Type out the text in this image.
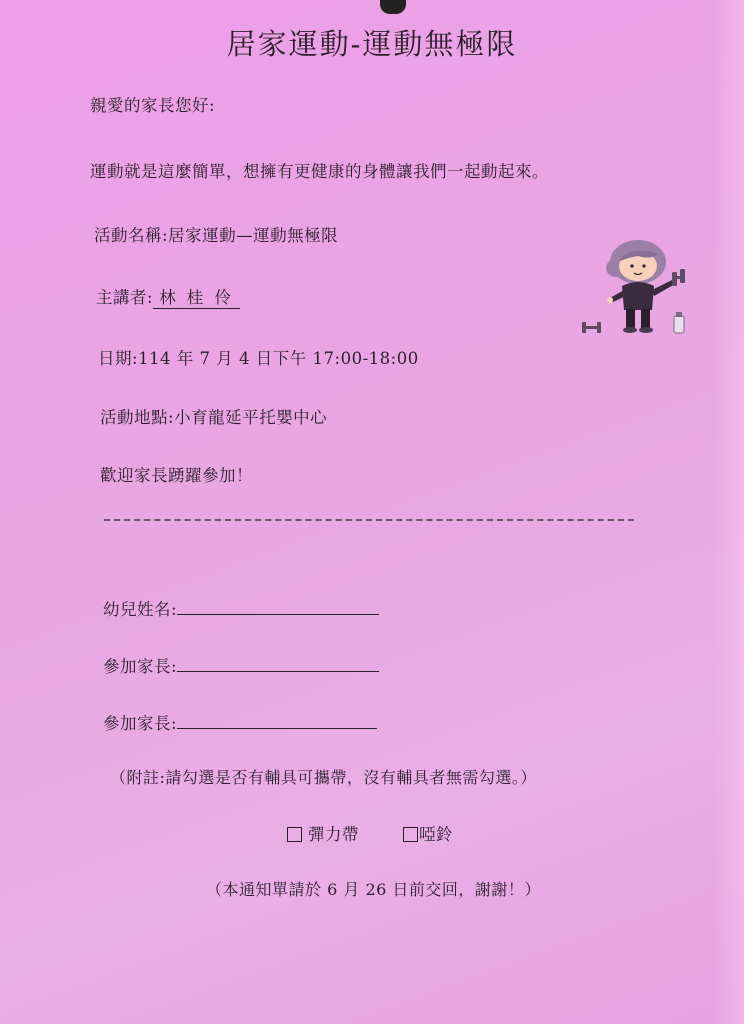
居家運動-運動無極限
親愛的家長您好:
運動就是這麼簡單，想擁有更健康的身體讓我們一起動起來。
活動名稱:居家運動—運動無極限
主講者: 林 桂 伶
日期:114 年 7 月 4 日下午 17:00-18:00
活動地點:小育龍延平托嬰中心
歡迎家長踴躍參加！
幼兒姓名:
參加家長:
參加家長:
（附註:請勾選是否有輔具可攜帶，沒有輔具者無需勾選。）
彈力帶	啞鈴
（本通知單請於 6 月 26 日前交回，謝謝！）
